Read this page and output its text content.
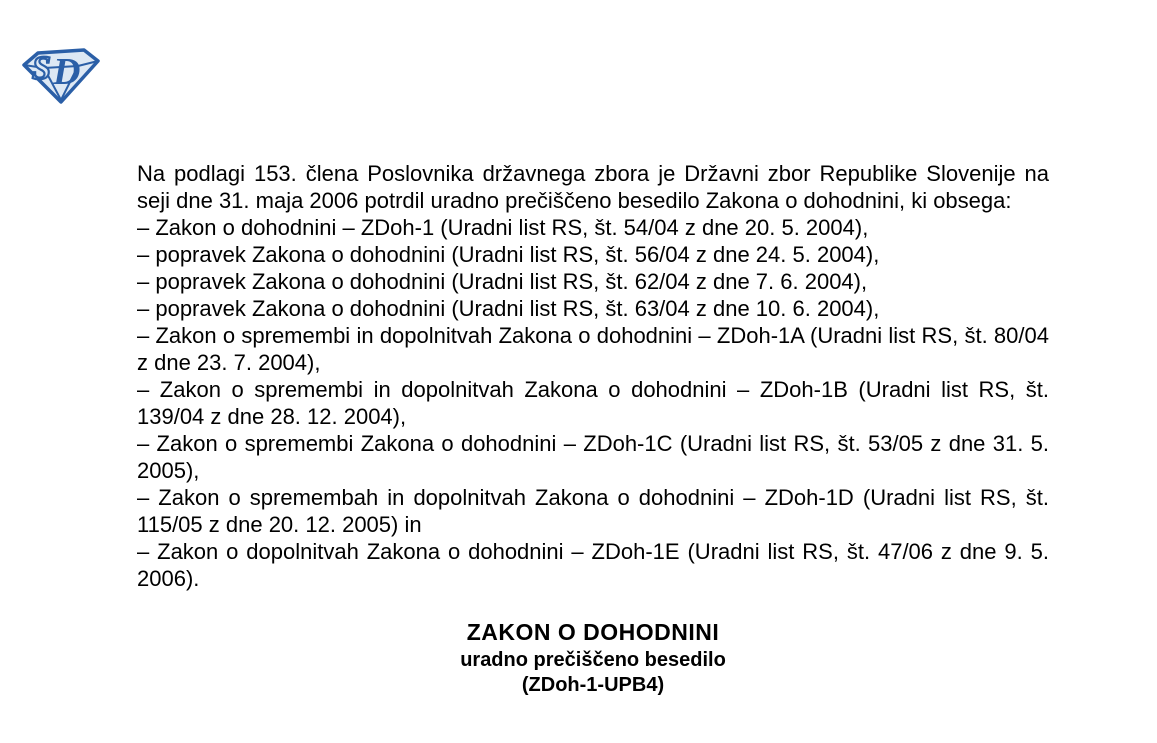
S D

Na podlagi 153. člena Poslovnika državnega zbora je Državni zbor Republike Slovenije na seji dne 31. maja 2006 potrdil uradno prečiščeno besedilo Zakona o dohodnini, ki obsega:

– Zakon o dohodnini – ZDoh-1 (Uradni list RS, št. 54/04 z dne 20. 5. 2004),

– popravek Zakona o dohodnini (Uradni list RS, št. 56/04 z dne 24. 5. 2004),

– popravek Zakona o dohodnini (Uradni list RS, št. 62/04 z dne 7. 6. 2004),

– popravek Zakona o dohodnini (Uradni list RS, št. 63/04 z dne 10. 6. 2004),

– Zakon o spremembi in dopolnitvah Zakona o dohodnini – ZDoh-1A (Uradni list RS, št. 80/04 z dne 23. 7. 2004),

– Zakon o spremembi in dopolnitvah Zakona o dohodnini – ZDoh-1B (Uradni list RS, št. 139/04 z dne 28. 12. 2004),

– Zakon o spremembi Zakona o dohodnini – ZDoh-1C (Uradni list RS, št. 53/05 z dne 31. 5. 2005),

– Zakon o spremembah in dopolnitvah Zakona o dohodnini – ZDoh-1D (Uradni list RS, št. 115/05 z dne 20. 12. 2005) in

– Zakon o dopolnitvah Zakona o dohodnini – ZDoh-1E (Uradni list RS, št. 47/06 z dne 9. 5. 2006).

ZAKON O DOHODNINI
uradno prečiščeno besedilo
(ZDoh-1-UPB4)
